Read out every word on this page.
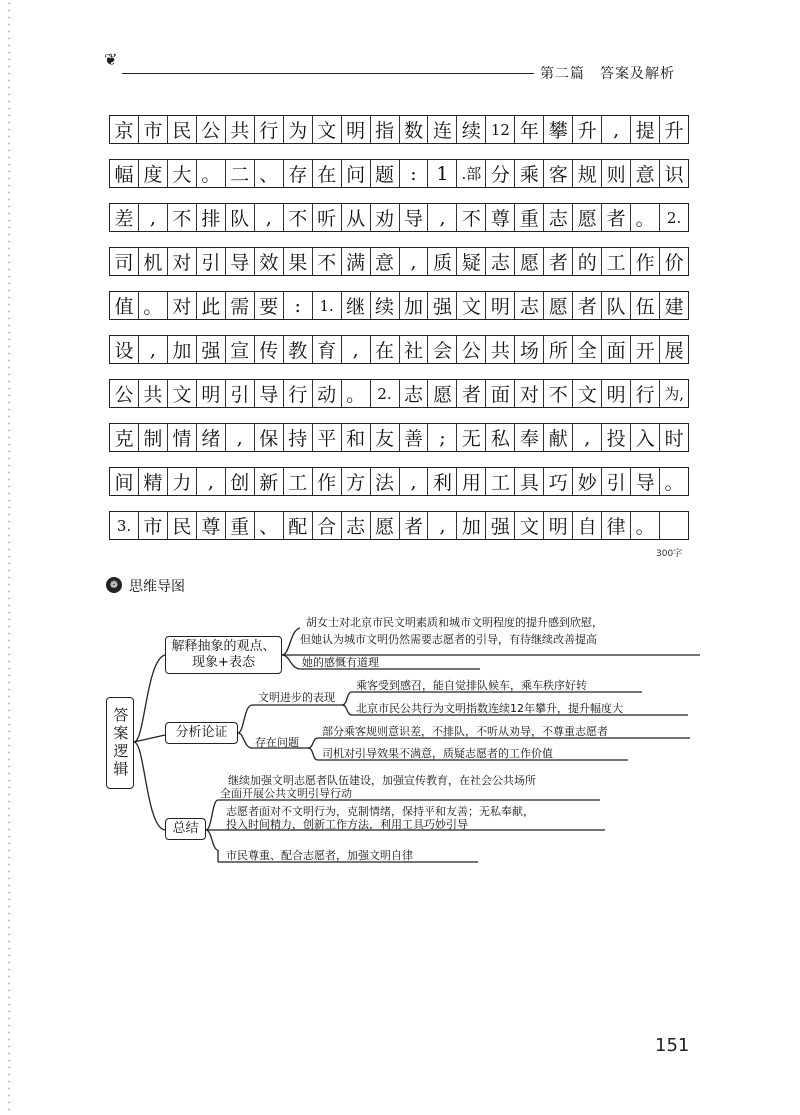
❦
第二篇　答案及解析
京 市 民 公 共 行 为 文 明 指 数 连 续 12 年 攀 升 , 提 升
幅 度 大 。 二 、 存 在 问 题 :	1 .部 分 乘 客 规 则 意 识
差 , 不 排 队 , 不 听 从 劝 导 , 不 尊 重 志 愿 者 。 2.
司 机 对 引 导 效 果 不 满 意 , 质 疑 志 愿 者 的 工 作 价
值 。 对 此 需 要 :	1. 继 续 加 强 文 明 志 愿 者 队 伍 建
设 , 加 强 宣 传 教 育 , 在 社 会 公 共 场 所 全 面 开 展
公 共 文 明 引 导 行 动 。 2. 志 愿 者 面 对 不 文 明 行 为,
克 制 情 绪 , 保 持 平 和 友 善 ; 无 私 奉 献 , 投 入 时
间 精 力 , 创 新 工 作 方 法 , 利 用 工 具 巧 妙 引 导 。
3. 市 民 尊 重 、 配 合 志 愿 者 , 加 强 文 明 自 律 。
300字
❁ 思维导图
答案逻辑
解释抽象的观点、现象+表态
分析论证
总结
胡女士对北京市民文明素质和城市文明程度的提升感到欣慰，
但她认为城市文明仍然需要志愿者的引导，有待继续改善提高
她的感慨有道理
文明进步的表现
乘客受到感召，能自觉排队候车，乘车秩序好转
北京市民公共行为文明指数连续12年攀升，提升幅度大
存在问题
部分乘客规则意识差，不排队，不听从劝导，不尊重志愿者
司机对引导效果不满意，质疑志愿者的工作价值
继续加强文明志愿者队伍建设，加强宣传教育，在社会公共场所
全面开展公共文明引导行动
志愿者面对不文明行为，克制情绪，保持平和友善；无私奉献，
投入时间精力，创新工作方法，利用工具巧妙引导
市民尊重、配合志愿者，加强文明自律
151
